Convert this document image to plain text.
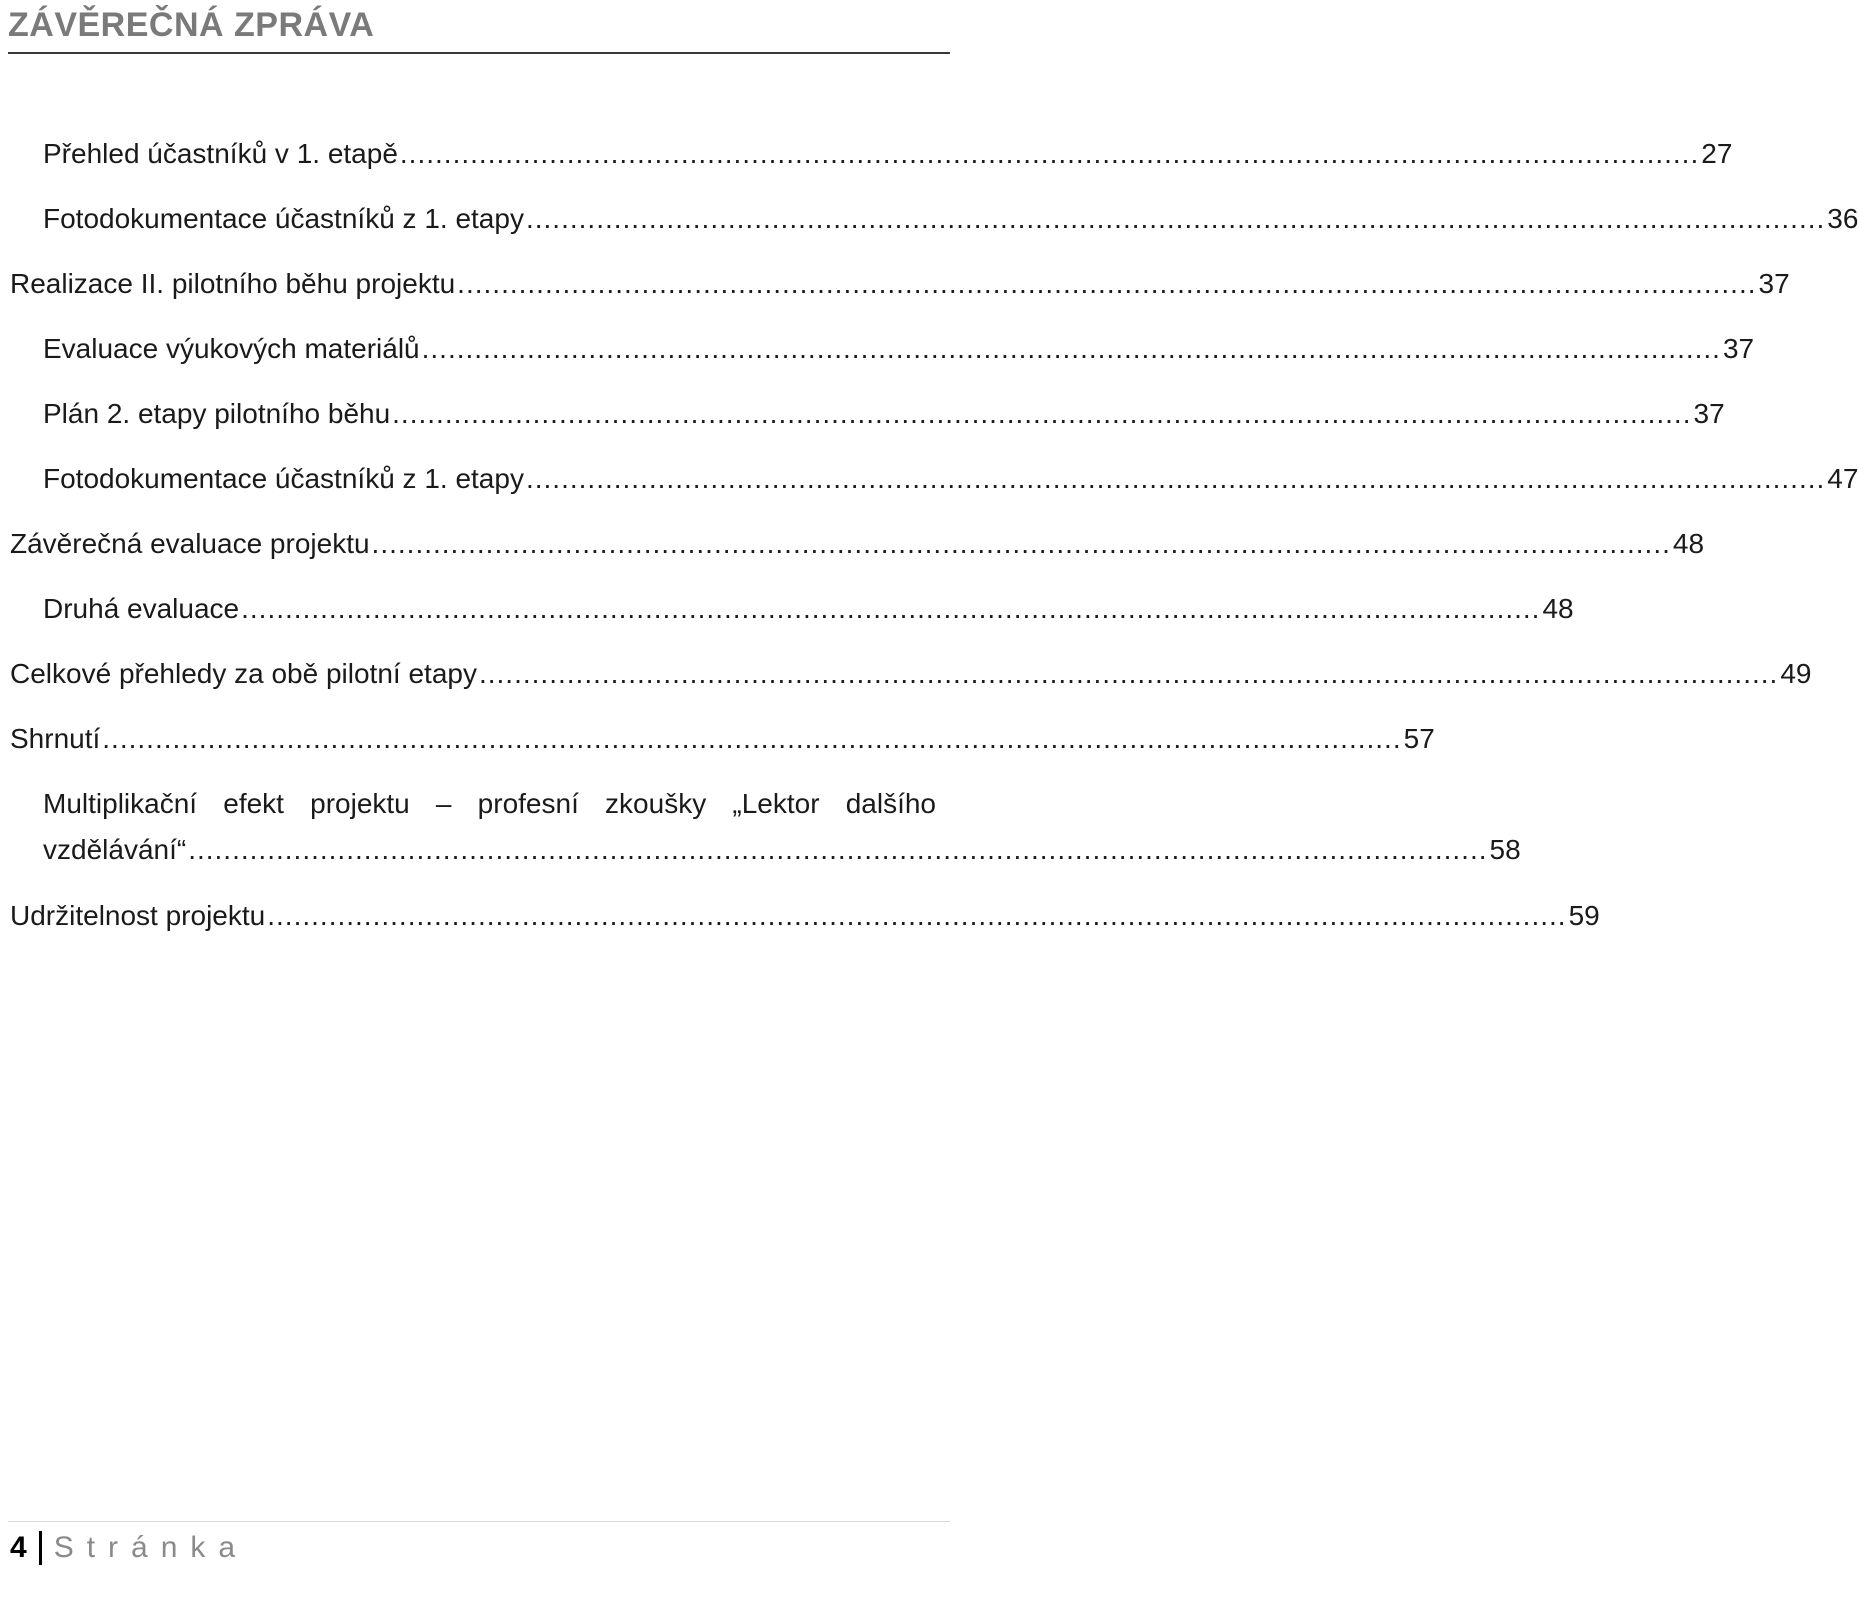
ZÁVĚREČNÁ ZPRÁVA
Přehled účastníků v 1. etapě .................................................................................................................................................... 27
Fotodokumentace účastníků z 1. etapy .................................................................................................................................................... 36
Realizace II. pilotního běhu projektu .................................................................................................................................................... 37
Evaluace výukových materiálů .................................................................................................................................................... 37
Plán 2. etapy pilotního běhu .................................................................................................................................................... 37
Fotodokumentace účastníků z 1. etapy .................................................................................................................................................... 47
Závěrečná evaluace projektu .................................................................................................................................................... 48
Druhá evaluace .................................................................................................................................................... 48
Celkové přehledy za obě pilotní etapy .................................................................................................................................................... 49
Shrnutí .................................................................................................................................................... 57
Multiplikační efekt projektu – profesní zkoušky „Lektor dalšího
vzdělávání“ .................................................................................................................................................... 58
Udržitelnost projektu .................................................................................................................................................... 59
4 Stránka
